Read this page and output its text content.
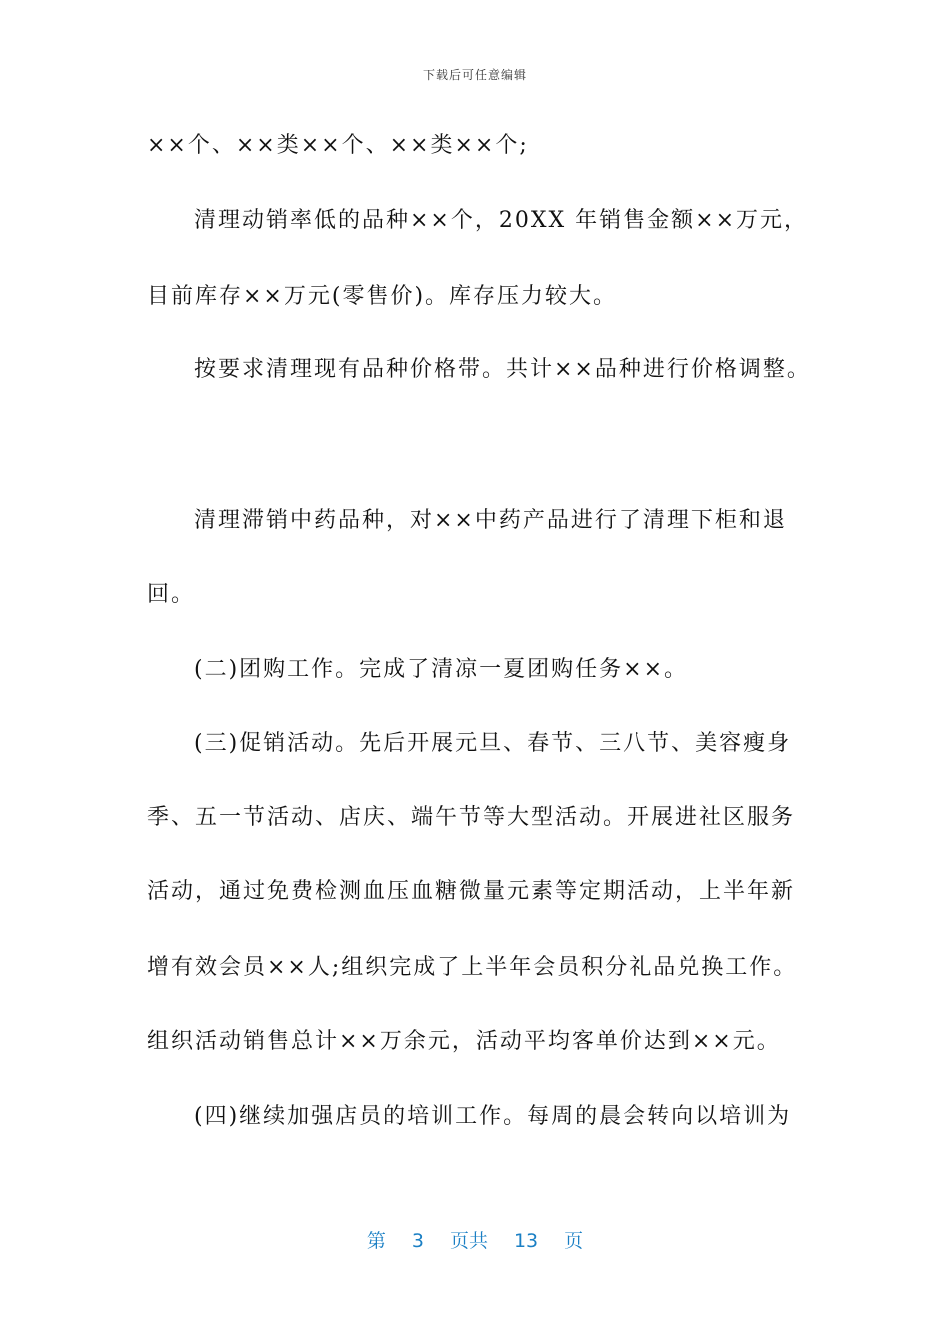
下载后可任意编辑
××个、××类××个、××类××个;
清理动销率低的品种××个，20XX 年销售金额××万元，
目前库存××万元(零售价)。库存压力较大。
按要求清理现有品种价格带。共计××品种进行价格调整。
清理滞销中药品种，对××中药产品进行了清理下柜和退
回。
(二)团购工作。完成了清凉一夏团购任务××。
(三)促销活动。先后开展元旦、春节、三八节、美容瘦身
季、五一节活动、店庆、端午节等大型活动。开展进社区服务
活动，通过免费检测血压血糖微量元素等定期活动，上半年新
增有效会员××人;组织完成了上半年会员积分礼品兑换工作。
组织活动销售总计××万余元，活动平均客单价达到××元。
(四)继续加强店员的培训工作。每周的晨会转向以培训为
第 3 页共 13 页
